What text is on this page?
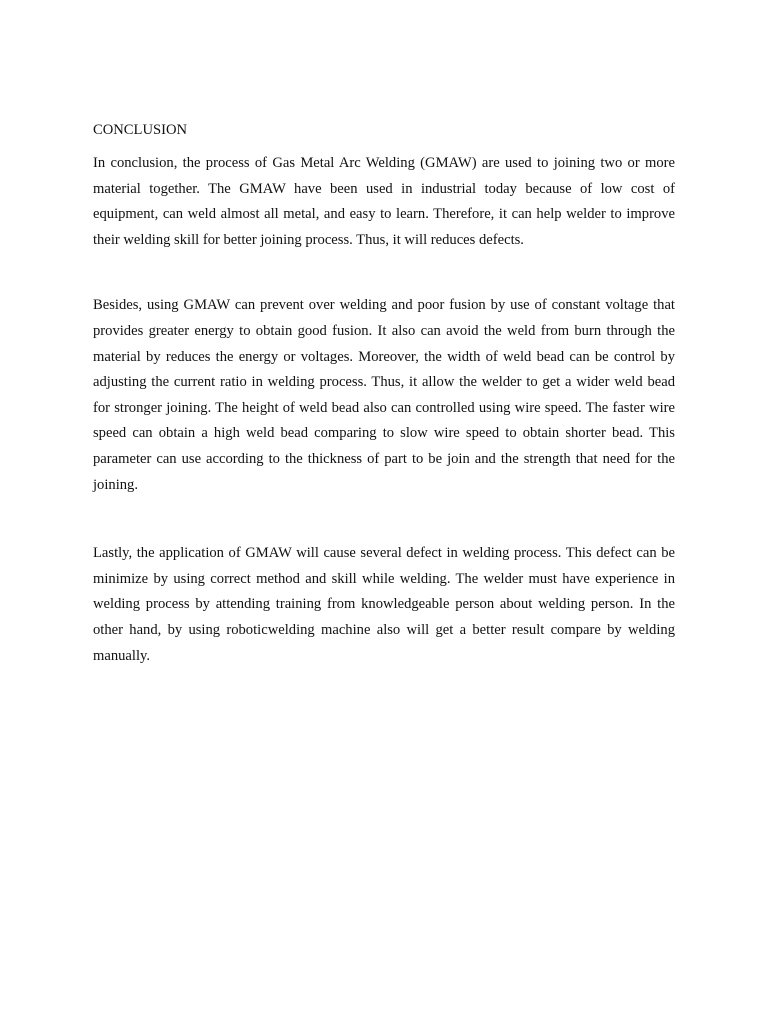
CONCLUSION

In conclusion, the process of Gas Metal Arc Welding (GMAW) are used to joining two or more material together. The GMAW have been used in industrial today because of low cost of equipment, can weld almost all metal, and easy to learn. Therefore, it can help welder to improve their welding skill for better joining process. Thus, it will reduces defects.

Besides, using GMAW can prevent over welding and poor fusion by use of constant voltage that provides greater energy to obtain good fusion. It also can avoid the weld from burn through the material by reduces the energy or voltages. Moreover, the width of weld bead can be control by adjusting the current ratio in welding process. Thus, it allow the welder to get a wider weld bead for stronger joining. The height of weld bead also can controlled using wire speed. The faster wire speed can obtain a high weld bead comparing to slow wire speed to obtain shorter bead. This parameter can use according to the thickness of part to be join and the strength that need for the joining.

Lastly, the application of GMAW will cause several defect in welding process. This defect can be minimize by using correct method and skill while welding. The welder must have experience in welding process by attending training from knowledgeable person about welding person. In the other hand, by using roboticwelding machine also will get a better result compare by welding manually.
